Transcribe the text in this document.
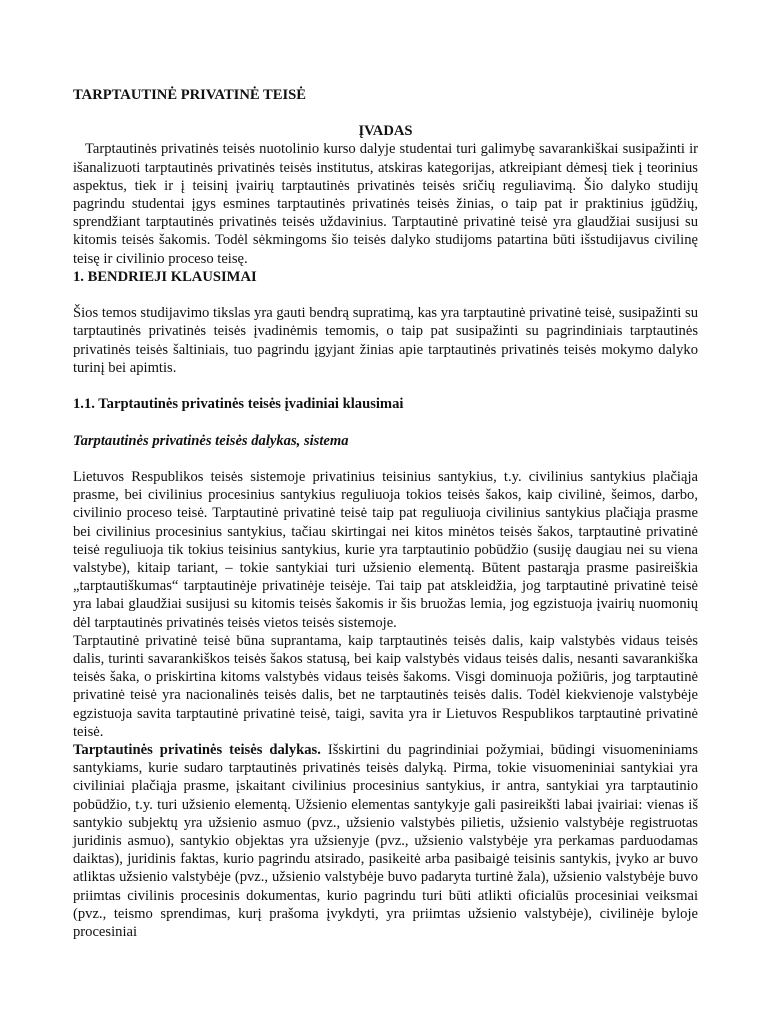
TARPTAUTINĖ PRIVATINĖ TEISĖ

ĮVADAS

Tarptautinės privatinės teisės nuotolinio kurso dalyje studentai turi galimybę savarankiškai susipažinti ir išanalizuoti tarptautinės privatinės teisės institutus, atskiras kategorijas, atkreipiant dėmesį tiek į teorinius aspektus, tiek ir į teisinį įvairių tarptautinės privatinės teisės sričių reguliavimą. Šio dalyko studijų pagrindu studentai įgys esmines tarptautinės privatinės teisės žinias, o taip pat ir praktinius įgūdžių, sprendžiant tarptautinės privatinės teisės uždavinius. Tarptautinė privatinė teisė yra glaudžiai susijusi su kitomis teisės šakomis. Todėl sėkmingoms šio teisės dalyko studijoms patartina būti išstudijavus civilinę teisę ir civilinio proceso teisę.

1. BENDRIEJI KLAUSIMAI

Šios temos studijavimo tikslas yra gauti bendrą supratimą, kas yra tarptautinė privatinė teisė, susipažinti su tarptautinės privatinės teisės įvadinėmis temomis, o taip pat susipažinti su pagrindiniais tarptautinės privatinės teisės šaltiniais, tuo pagrindu įgyjant žinias apie tarptautinės privatinės teisės mokymo dalyko turinį bei apimtis.

1.1. Tarptautinės privatinės teisės įvadiniai klausimai

Tarptautinės privatinės teisės dalykas, sistema

Lietuvos Respublikos teisės sistemoje privatinius teisinius santykius, t.y. civilinius santykius plačiąja prasme, bei civilinius procesinius santykius reguliuoja tokios teisės šakos, kaip civilinė, šeimos, darbo, civilinio proceso teisė. Tarptautinė privatinė teisė taip pat reguliuoja civilinius santykius plačiąja prasme bei civilinius procesinius santykius, tačiau skirtingai nei kitos minėtos teisės šakos, tarptautinė privatinė teisė reguliuoja tik tokius teisinius santykius, kurie yra tarptautinio pobūdžio (susiję daugiau nei su viena valstybe), kitaip tariant, – tokie santykiai turi užsienio elementą. Būtent pastarąja prasme pasireiškia „tarptautiškumas“ tarptautinėje privatinėje teisėje. Tai taip pat atskleidžia, jog tarptautinė privatinė teisė yra labai glaudžiai susijusi su kitomis teisės šakomis ir šis bruožas lemia, jog egzistuoja įvairių nuomonių dėl tarptautinės privatinės teisės vietos teisės sistemoje.

Tarptautinė privatinė teisė būna suprantama, kaip tarptautinės teisės dalis, kaip valstybės vidaus teisės dalis, turinti savarankiškos teisės šakos statusą, bei kaip valstybės vidaus teisės dalis, nesanti savarankiška teisės šaka, o priskirtina kitoms valstybės vidaus teisės šakoms. Visgi dominuoja požiūris, jog tarptautinė privatinė teisė yra nacionalinės teisės dalis, bet ne tarptautinės teisės dalis. Todėl kiekvienoje valstybėje egzistuoja savita tarptautinė privatinė teisė, taigi, savita yra ir Lietuvos Respublikos tarptautinė privatinė teisė.

Tarptautinės privatinės teisės dalykas. Išskirtini du pagrindiniai požymiai, būdingi visuomeniniams santykiams, kurie sudaro tarptautinės privatinės teisės dalyką. Pirma, tokie visuomeniniai santykiai yra civiliniai plačiąja prasme, įskaitant civilinius procesinius santykius, ir antra, santykiai yra tarptautinio pobūdžio, t.y. turi užsienio elementą. Užsienio elementas santykyje gali pasireikšti labai įvairiai: vienas iš santykio subjektų yra užsienio asmuo (pvz., užsienio valstybės pilietis, užsienio valstybėje registruotas juridinis asmuo), santykio objektas yra užsienyje (pvz., užsienio valstybėje yra perkamas parduodamas daiktas), juridinis faktas, kurio pagrindu atsirado, pasikeitė arba pasibaigė teisinis santykis, įvyko ar buvo atliktas užsienio valstybėje (pvz., užsienio valstybėje buvo padaryta turtinė žala), užsienio valstybėje buvo priimtas civilinis procesinis dokumentas, kurio pagrindu turi būti atlikti oficialūs procesiniai veiksmai (pvz., teismo sprendimas, kurį prašoma įvykdyti, yra priimtas užsienio valstybėje), civilinėje byloje procesiniai
